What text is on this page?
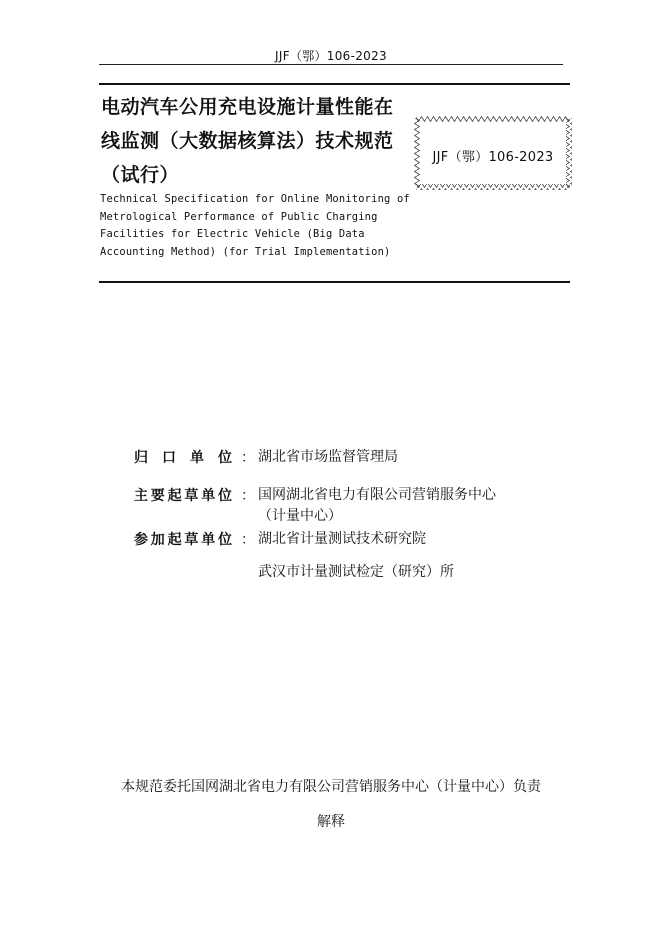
JJF（鄂）106-2023
电动汽车公用充电设施计量性能在
线监测（大数据核算法）技术规范
（试行）
Technical Specification for Online Monitoring of
Metrological Performance of Public Charging
Facilities for Electric Vehicle (Big Data
Accounting Method) (for Trial Implementation)
JJF（鄂）106-2023
归口单位 ： 湖北省市场监督管理局
主要起草单位 ： 国网湖北省电力有限公司营销服务中心
（计量中心）
参加起草单位 ： 湖北省计量测试技术研究院
武汉市计量测试检定（研究）所
本规范委托国网湖北省电力有限公司营销服务中心（计量中心）负责
解释
